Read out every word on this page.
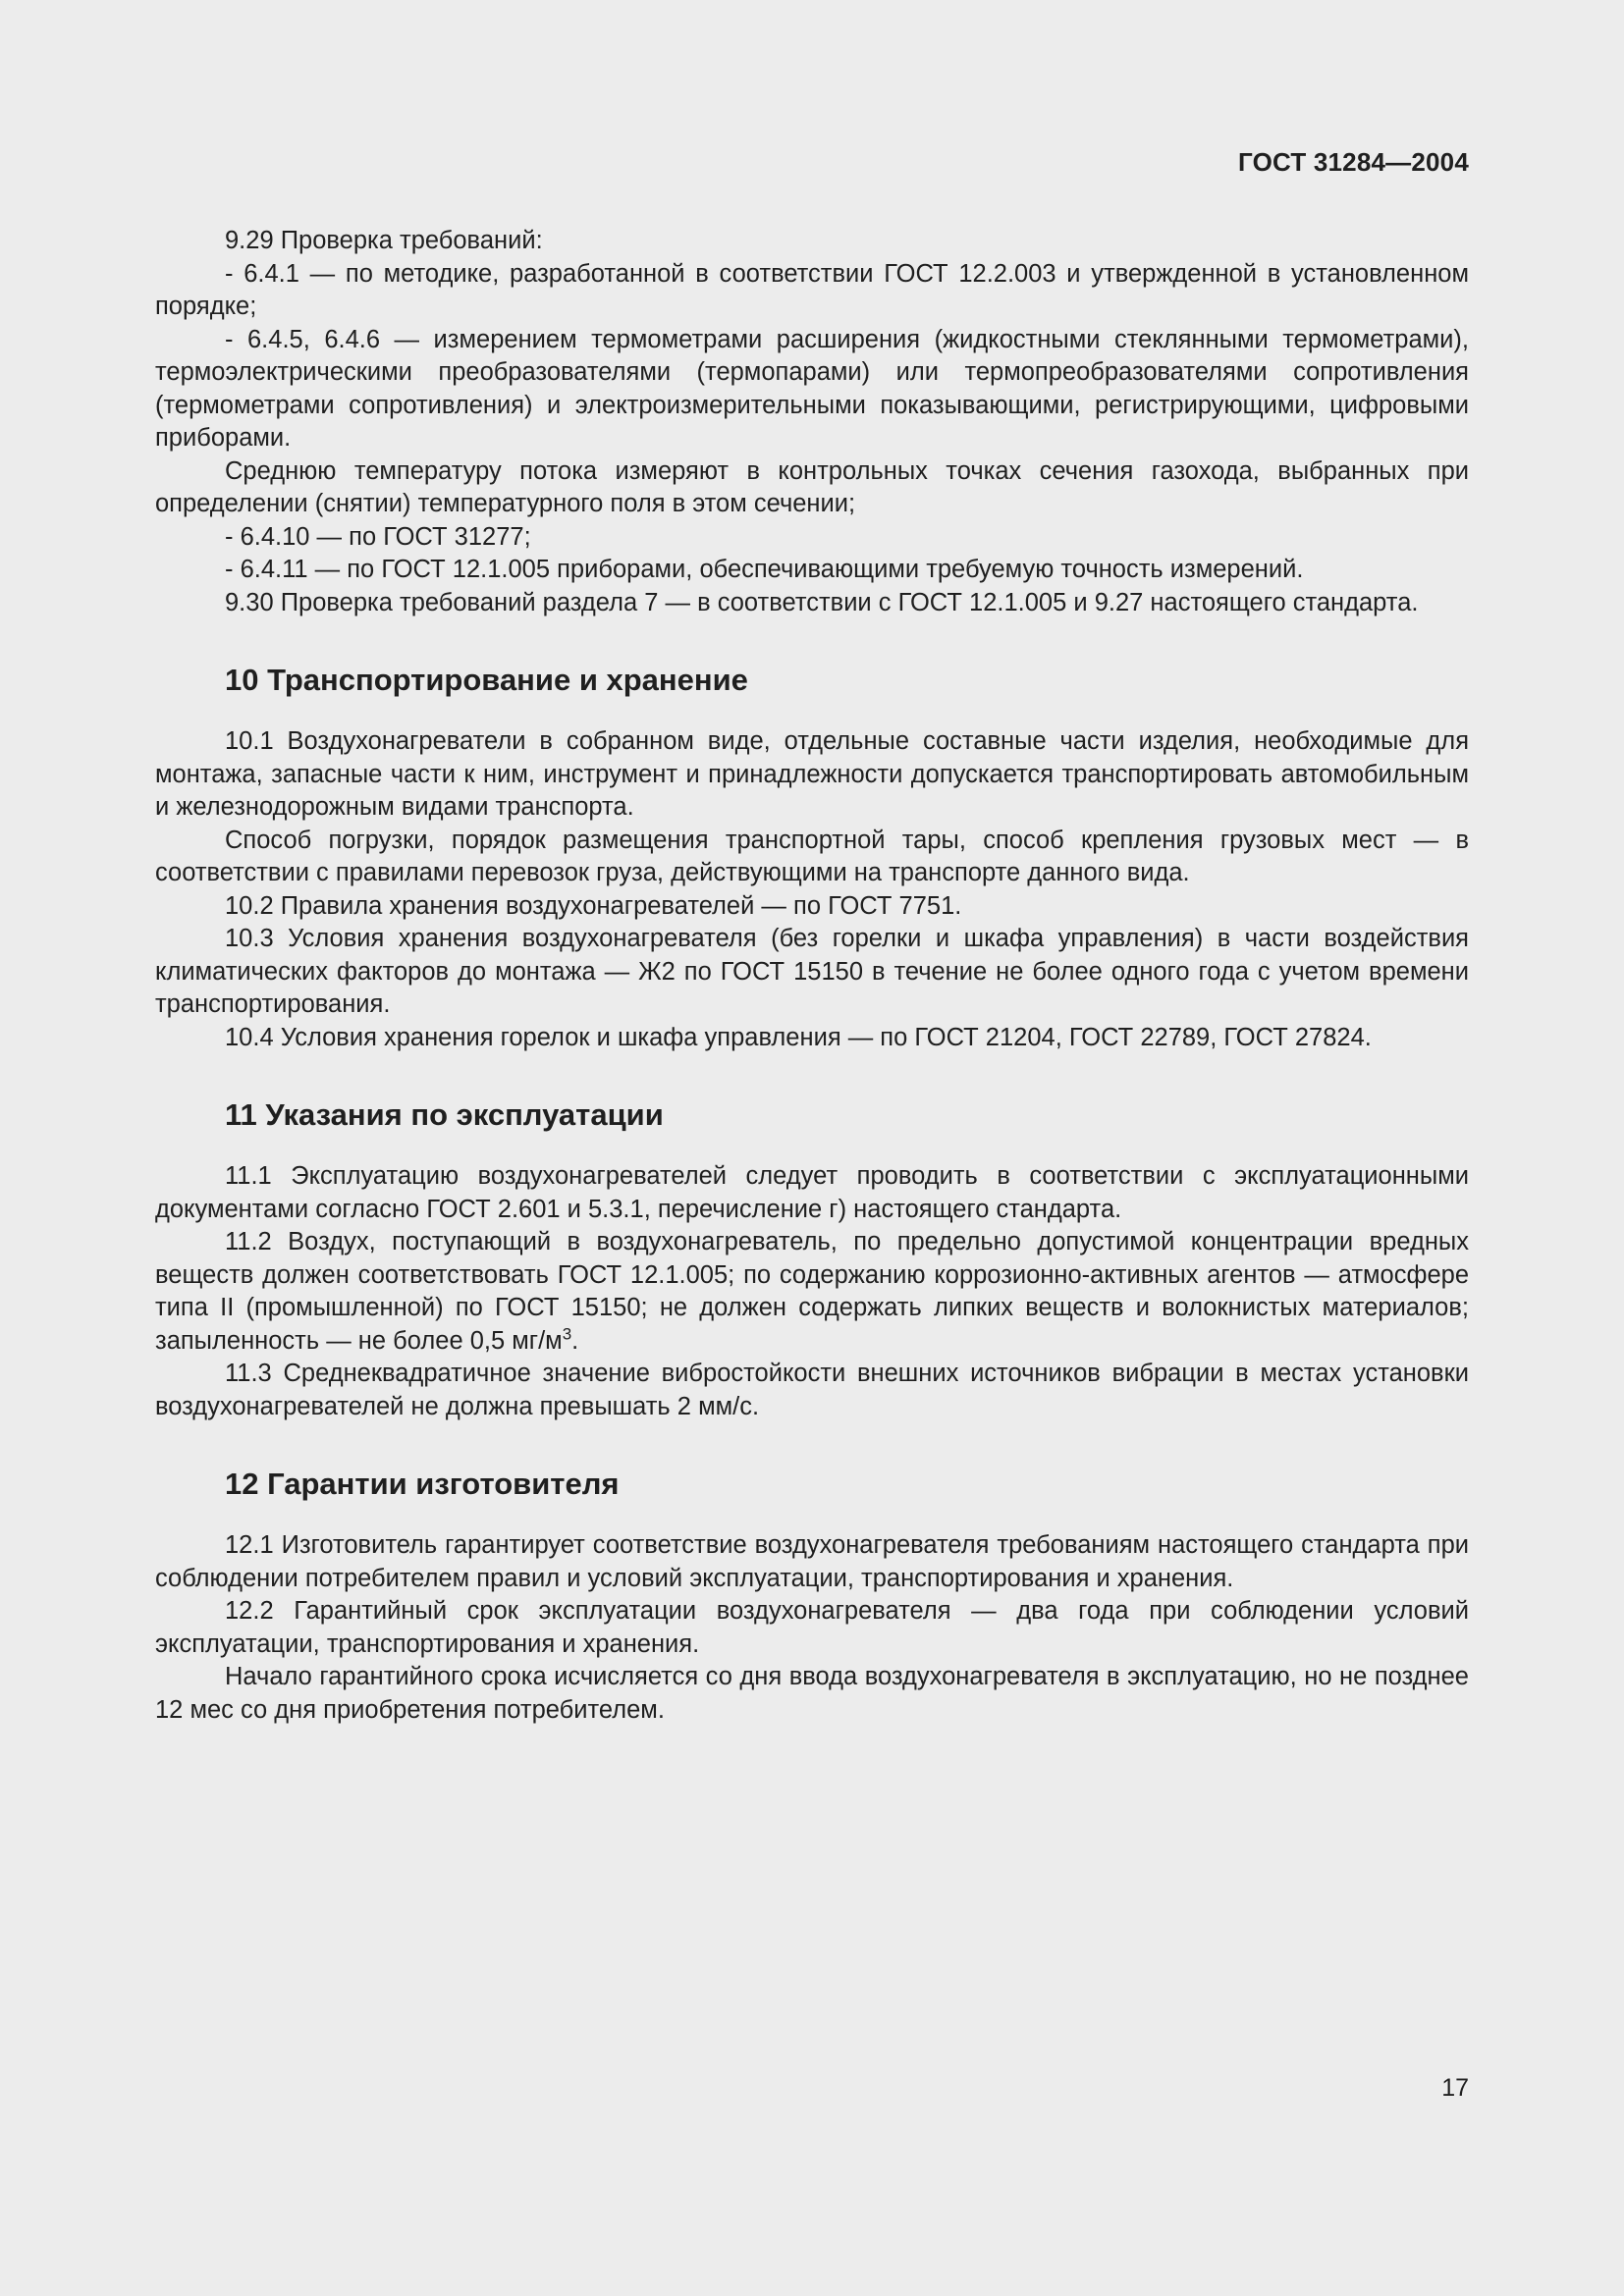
ГОСТ 31284—2004

9.29 Проверка требований:

- 6.4.1 — по методике, разработанной в соответствии ГОСТ 12.2.003 и утвержденной в установленном порядке;

- 6.4.5, 6.4.6 — измерением термометрами расширения (жидкостными стеклянными термометрами), термоэлектрическими преобразователями (термопарами) или термопреобразователями сопротивления (термометрами сопротивления) и электроизмерительными показывающими, регистрирующими, цифровыми приборами.

Среднюю температуру потока измеряют в контрольных точках сечения газохода, выбранных при определении (снятии) температурного поля в этом сечении;

- 6.4.10 — по ГОСТ 31277;

- 6.4.11 — по ГОСТ 12.1.005 приборами, обеспечивающими требуемую точность измерений.

9.30 Проверка требований раздела 7 — в соответствии с ГОСТ 12.1.005 и 9.27 настоящего стандарта.

10 Транспортирование и хранение

10.1 Воздухонагреватели в собранном виде, отдельные составные части изделия, необходимые для монтажа, запасные части к ним, инструмент и принадлежности допускается транспортировать автомобильным и железнодорожным видами транспорта.

Способ погрузки, порядок размещения транспортной тары, способ крепления грузовых мест — в соответствии с правилами перевозок груза, действующими на транспорте данного вида.

10.2 Правила хранения воздухонагревателей — по ГОСТ 7751.

10.3 Условия хранения воздухонагревателя (без горелки и шкафа управления) в части воздействия климатических факторов до монтажа — Ж2 по ГОСТ 15150 в течение не более одного года с учетом времени транспортирования.

10.4 Условия хранения горелок и шкафа управления — по ГОСТ 21204, ГОСТ 22789, ГОСТ 27824.

11 Указания по эксплуатации

11.1 Эксплуатацию воздухонагревателей следует проводить в соответствии с эксплуатационными документами согласно ГОСТ 2.601 и 5.3.1, перечисление г) настоящего стандарта.

11.2 Воздух, поступающий в воздухонагреватель, по предельно допустимой концентрации вредных веществ должен соответствовать ГОСТ 12.1.005; по содержанию коррозионно-активных агентов — атмосфере типа II (промышленной) по ГОСТ 15150; не должен содержать липких веществ и волокнистых материалов; запыленность — не более 0,5 $мг/м^3$.

11.3 Среднеквадратичное значение вибростойкости внешних источников вибрации в местах установки воздухонагревателей не должна превышать 2 мм/с.

12 Гарантии изготовителя

12.1 Изготовитель гарантирует соответствие воздухонагревателя требованиям настоящего стандарта при соблюдении потребителем правил и условий эксплуатации, транспортирования и хранения.

12.2 Гарантийный срок эксплуатации воздухонагревателя — два года при соблюдении условий эксплуатации, транспортирования и хранения.

Начало гарантийного срока исчисляется со дня ввода воздухонагревателя в эксплуатацию, но не позднее 12 мес со дня приобретения потребителем.

17
